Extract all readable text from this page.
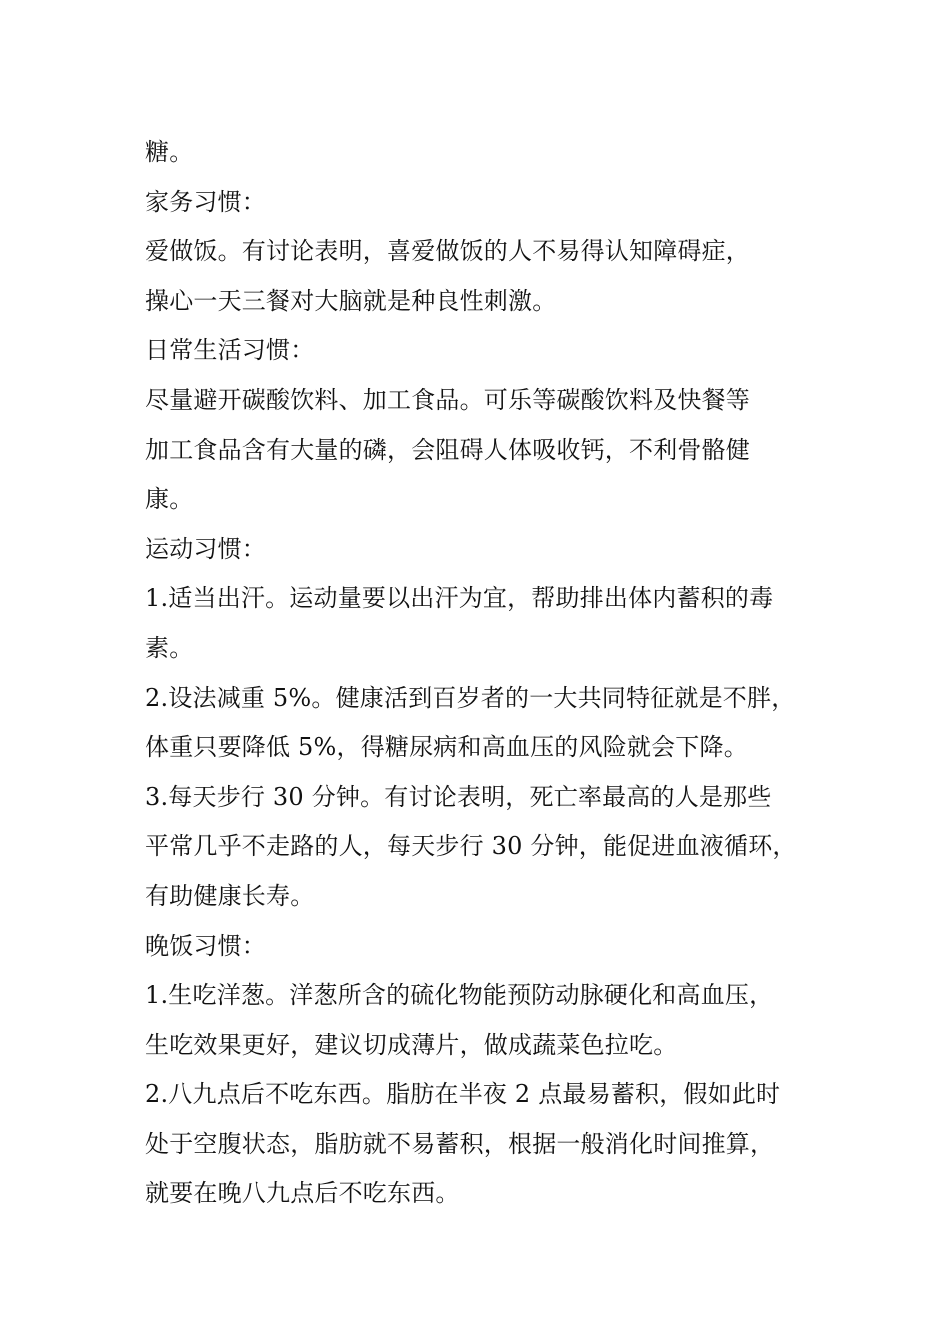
糖。
家务习惯：
爱做饭。有讨论表明，喜爱做饭的人不易得认知障碍症，
操心一天三餐对大脑就是种良性刺激。
日常生活习惯：
尽量避开碳酸饮料、加工食品。可乐等碳酸饮料及快餐等
加工食品含有大量的磷，会阻碍人体吸收钙，不利骨骼健
康。
运动习惯：
1.适当出汗。运动量要以出汗为宜，帮助排出体内蓄积的毒
素。
2.设法减重 5%。健康活到百岁者的一大共同特征就是不胖，
体重只要降低 5%，得糖尿病和高血压的风险就会下降。
3.每天步行 30 分钟。有讨论表明，死亡率最高的人是那些
平常几乎不走路的人，每天步行 30 分钟，能促进血液循环，
有助健康长寿。
晚饭习惯：
1.生吃洋葱。洋葱所含的硫化物能预防动脉硬化和高血压，
生吃效果更好，建议切成薄片，做成蔬菜色拉吃。
2.八九点后不吃东西。脂肪在半夜 2 点最易蓄积，假如此时
处于空腹状态，脂肪就不易蓄积，根据一般消化时间推算，
就要在晚八九点后不吃东西。
